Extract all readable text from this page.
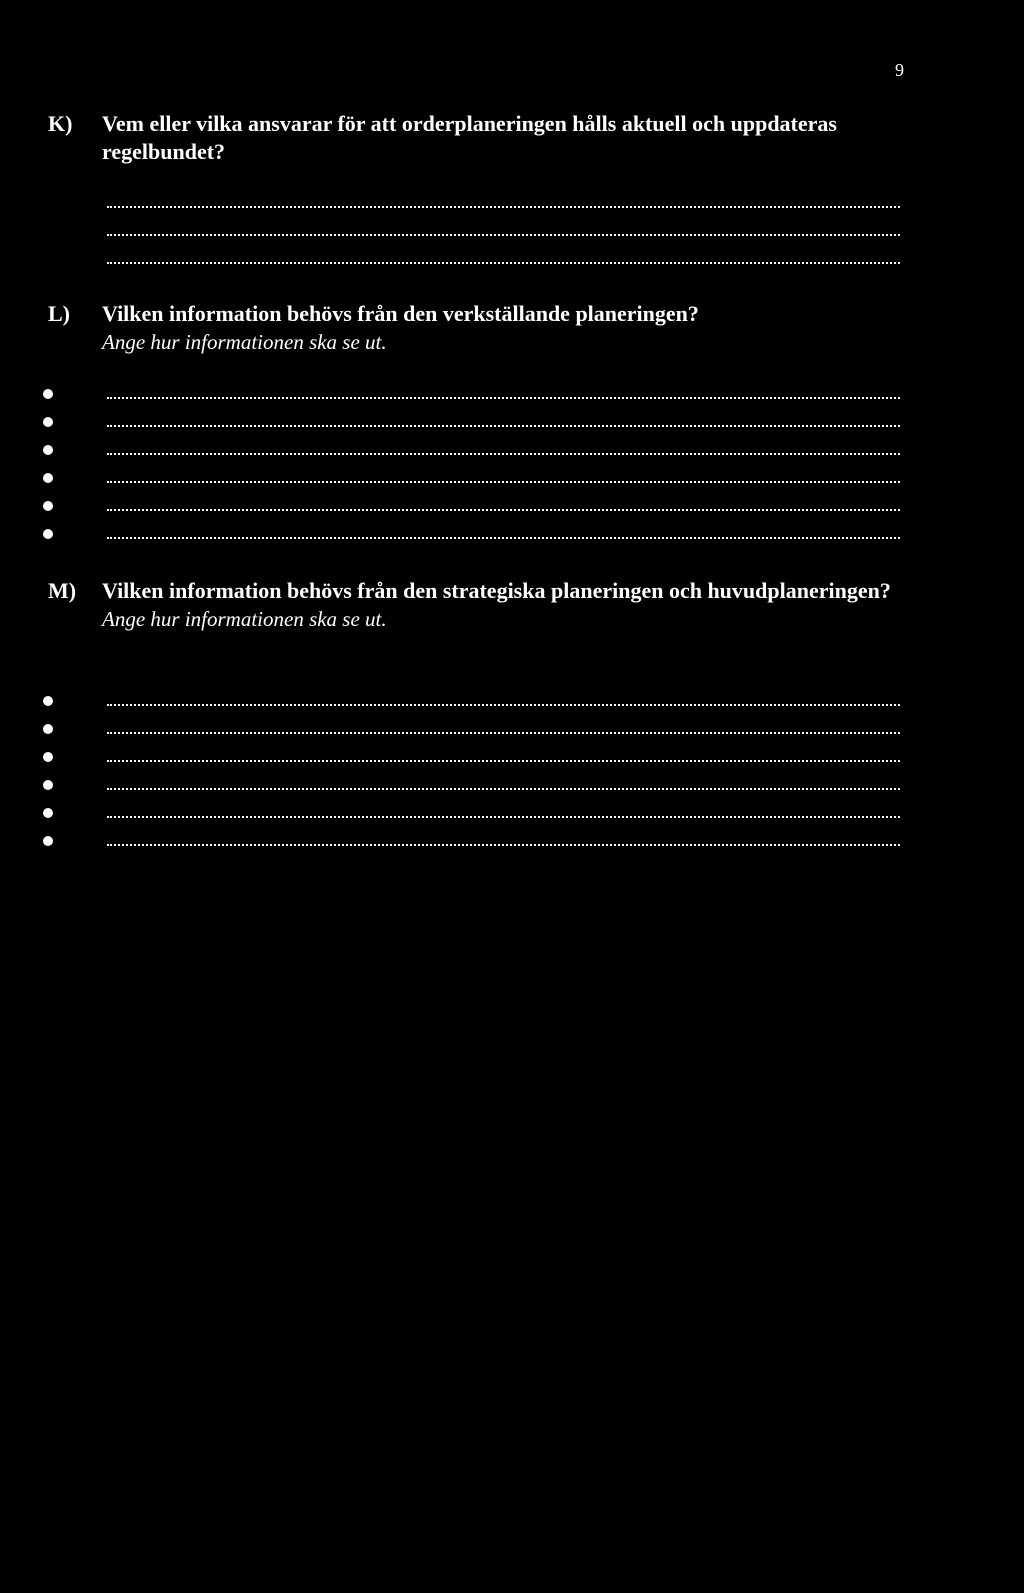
9
K) Vem eller vilka ansvarar för att orderplaneringen hålls aktuell och uppdateras regelbundet?
L) Vilken information behövs från den verkställande planeringen?
Ange hur informationen ska se ut.
M) Vilken information behövs från den strategiska planeringen och huvudplaneringen?
Ange hur informationen ska se ut.
